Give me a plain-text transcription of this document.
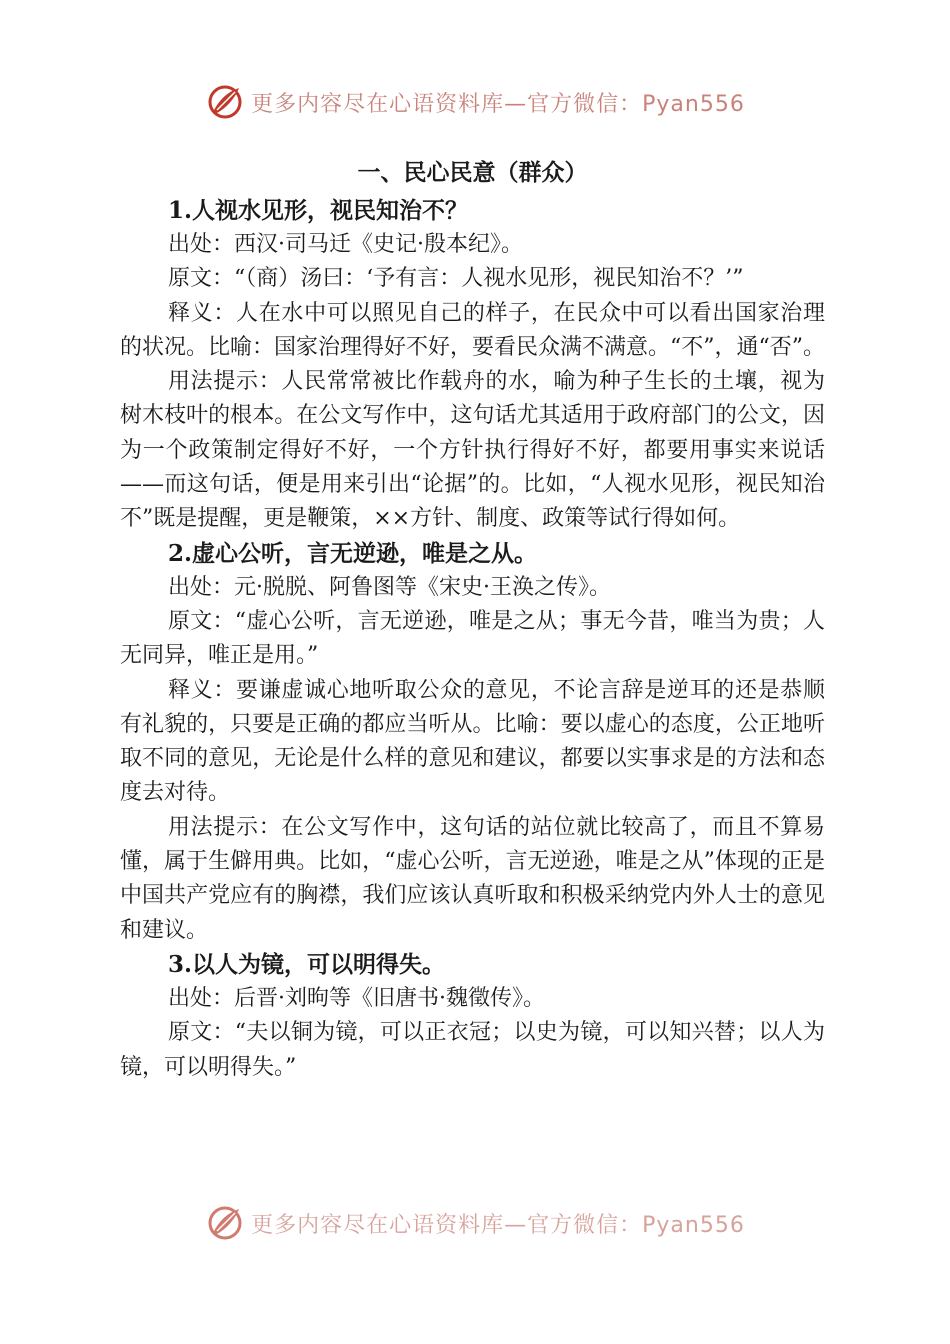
更多内容尽在心语资料库—官方微信：Pyan556
一、民心民意（群众）

1.人视水见形，视民知治不？

出处：西汉·司马迁《史记·殷本纪》。

原文：“（商）汤曰：‘予有言：人视水见形，视民知治不？’”

释义：人在水中可以照见自己的样子，在民众中可以看出国家治理的状况。比喻：国家治理得好不好，要看民众满不满意。“不”，通“否”。

用法提示：人民常常被比作载舟的水，喻为种子生长的土壤，视为树木枝叶的根本。在公文写作中，这句话尤其适用于政府部门的公文，因为一个政策制定得好不好，一个方针执行得好不好，都要用事实来说话——而这句话，便是用来引出“论据”的。比如，“人视水见形，视民知治不”既是提醒，更是鞭策，××方针、制度、政策等试行得如何。

2.虚心公听，言无逆逊，唯是之从。

出处：元·脱脱、阿鲁图等《宋史·王涣之传》。

原文：“虚心公听，言无逆逊，唯是之从；事无今昔，唯当为贵；人无同异，唯正是用。”

释义：要谦虚诚心地听取公众的意见，不论言辞是逆耳的还是恭顺有礼貌的，只要是正确的都应当听从。比喻：要以虚心的态度，公正地听取不同的意见，无论是什么样的意见和建议，都要以实事求是的方法和态度去对待。

用法提示：在公文写作中，这句话的站位就比较高了，而且不算易懂，属于生僻用典。比如，“虚心公听，言无逆逊，唯是之从”体现的正是中国共产党应有的胸襟，我们应该认真听取和积极采纳党内外人士的意见和建议。

3.以人为镜，可以明得失。

出处：后晋·刘昫等《旧唐书·魏徵传》。

原文：“夫以铜为镜，可以正衣冠；以史为镜，可以知兴替；以人为镜，可以明得失。”

更多内容尽在心语资料库—官方微信：Pyan556
